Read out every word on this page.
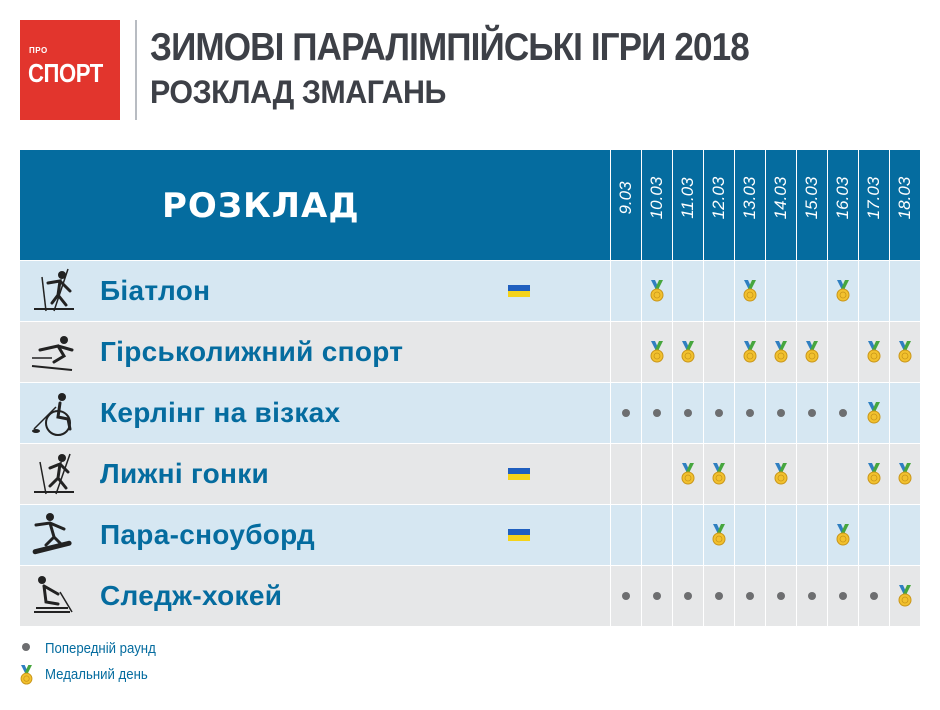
ПРО
СПОРТ
ЗИМОВІ ПАРАЛІМПІЙСЬКІ ІГРИ 2018
РОЗКЛАД ЗМАГАНЬ
РОЗКЛАД	9.03 10.03 11.03 12.03 13.03 14.03 15.03 16.03 17.03 18.03
Біатлон
Гірськолижний спорт
Керлінг на візках
Лижні гонки
Пара-сноуборд
Следж-хокей
Попередній раунд
Медальний день
